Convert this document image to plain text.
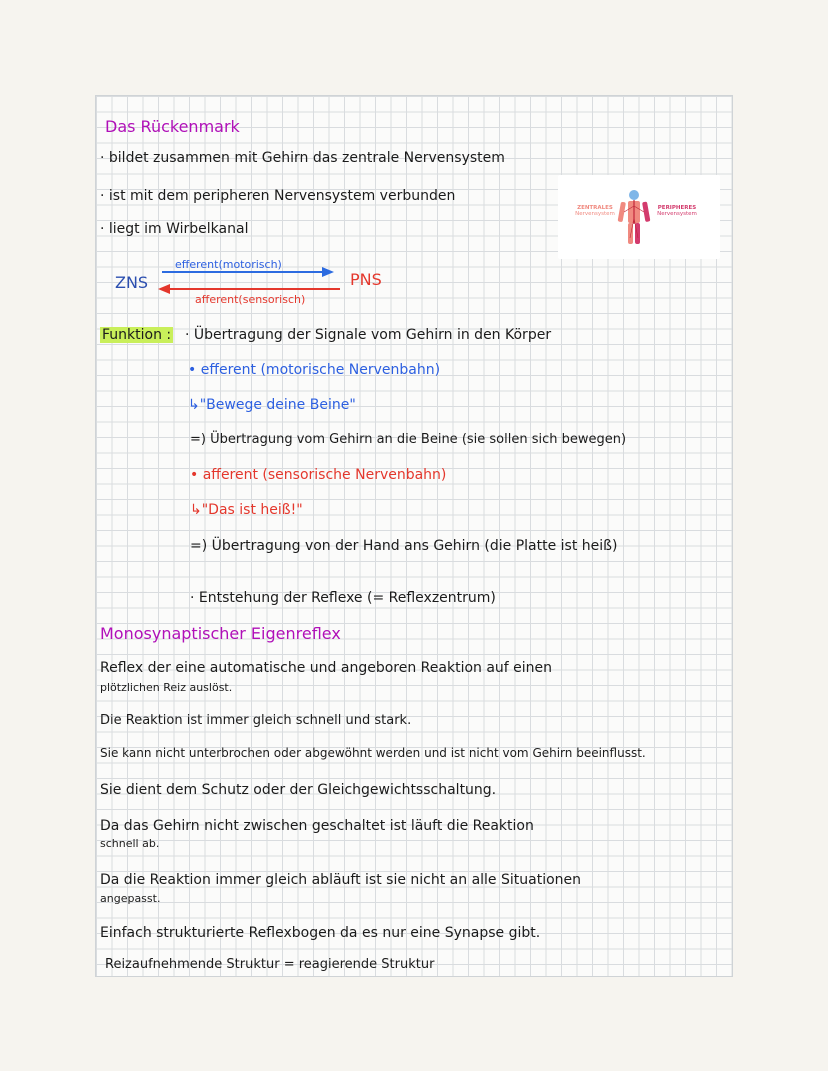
Das Rückenmark
· bildet zusammen mit Gehirn das zentrale Nervensystem
· ist mit dem peripheren Nervensystem verbunden
· liegt im Wirbelkanal
ZENTRALES
Nervensystem
PERIPHERES
Nervensystem
efferent(motorisch)
ZNS	PNS
afferent(sensorisch)
Funktion : · Übertragung der Signale vom Gehirn in den Körper
• efferent (motorische Nervenbahn)
↳"Bewege deine Beine"
=) Übertragung vom Gehirn an die Beine (sie sollen sich bewegen)
• afferent (sensorische Nervenbahn)
↳"Das ist heiß!"
=) Übertragung von der Hand ans Gehirn (die Platte ist heiß)
· Entstehung der Reflexe (= Reflexzentrum)
Monosynaptischer Eigenreflex
Reflex der eine automatische und angeboren Reaktion auf einen
plötzlichen Reiz auslöst.
Die Reaktion ist immer gleich schnell und stark.
Sie kann nicht unterbrochen oder abgewöhnt werden und ist nicht vom Gehirn beeinflusst.
Sie dient dem Schutz oder der Gleichgewichtsschaltung.
Da das Gehirn nicht zwischen geschaltet ist läuft die Reaktion
schnell ab.
Da die Reaktion immer gleich abläuft ist sie nicht an alle Situationen
angepasst.
Einfach strukturierte Reflexbogen da es nur eine Synapse gibt.
Reizaufnehmende Struktur = reagierende Struktur
